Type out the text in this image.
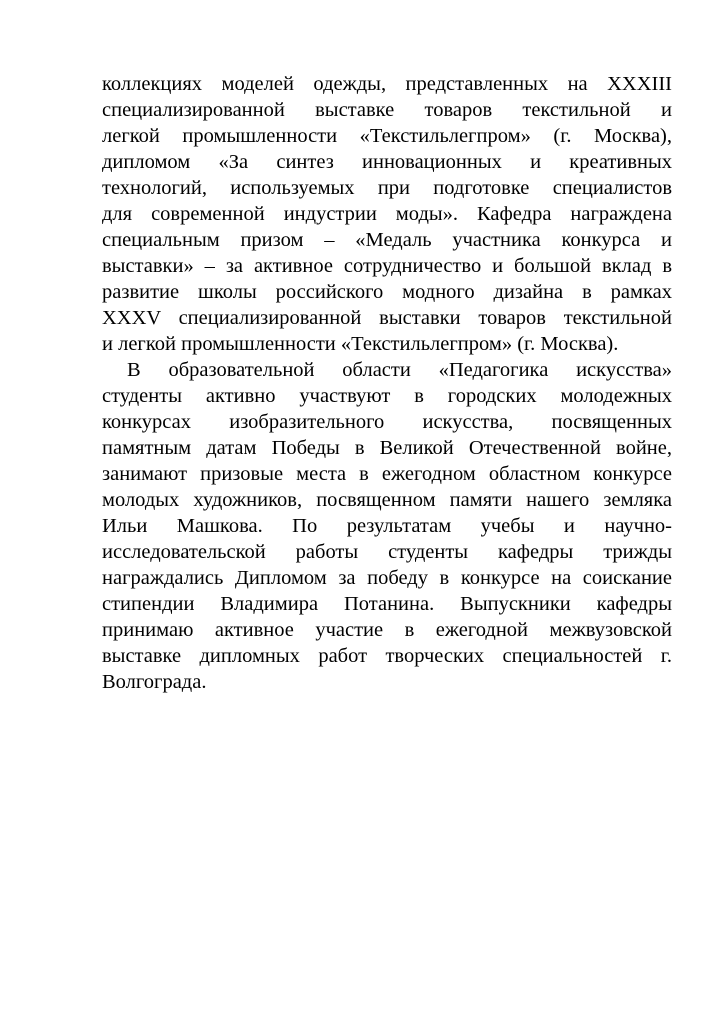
коллекциях моделей одежды, представленных на XXXIII
специализированной выставке товаров текстильной и
легкой промышленности «Текстильлегпром» (г. Москва),
дипломом «За синтез инновационных и креативных
технологий, используемых при подготовке специалистов
для современной индустрии моды». Кафедра награждена
специальным призом – «Медаль участника конкурса и
выставки» – за активное сотрудничество и большой вклад в
развитие школы российского модного дизайна в рамках
XXXV специализированной выставки товаров текстильной
и легкой промышленности «Текстильлегпром» (г. Москва).
В образовательной области «Педагогика искусства»
студенты активно участвуют в городских молодежных
конкурсах изобразительного искусства, посвященных
памятным датам Победы в Великой Отечественной войне,
занимают призовые места в ежегодном областном конкурсе
молодых художников, посвященном памяти нашего земляка
Ильи Машкова. По результатам учебы и научно-
исследовательской работы студенты кафедры трижды
награждались Дипломом за победу в конкурсе на соискание
стипендии Владимира Потанина. Выпускники кафедры
принимаю активное участие в ежегодной межвузовской
выставке дипломных работ творческих специальностей г.
Волгограда.
